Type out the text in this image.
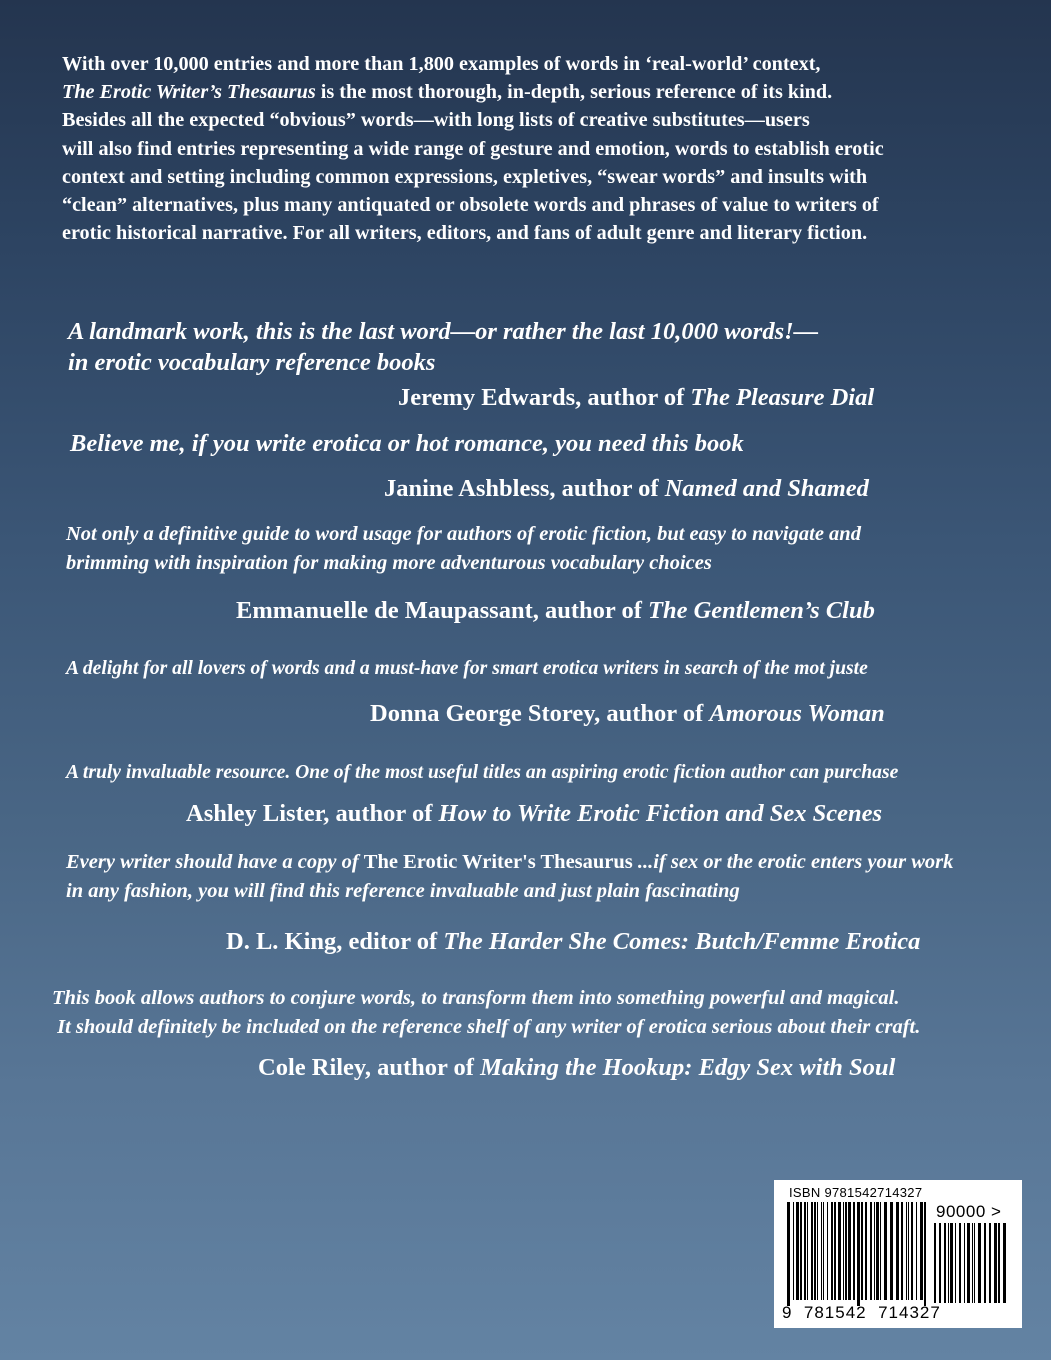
With over 10,000 entries and more than 1,800 examples of words in ‘real-world’ context,
The Erotic Writer’s Thesaurus is the most thorough, in-depth, serious reference of its kind.
Besides all the expected “obvious” words—with long lists of creative substitutes—users
will also find entries representing a wide range of gesture and emotion, words to establish erotic
context and setting including common expressions, expletives, “swear words” and insults with
“clean” alternatives, plus many antiquated or obsolete words and phrases of value to writers of
erotic historical narrative. For all writers, editors, and fans of adult genre and literary fiction.
A landmark work, this is the last word—or rather the last 10,000 words!—
in erotic vocabulary reference books
Jeremy Edwards, author of The Pleasure Dial
Believe me, if you write erotica or hot romance, you need this book
Janine Ashbless, author of Named and Shamed
Not only a definitive guide to word usage for authors of erotic fiction, but easy to navigate and
brimming with inspiration for making more adventurous vocabulary choices
Emmanuelle de Maupassant, author of The Gentlemen’s Club
A delight for all lovers of words and a must-have for smart erotica writers in search of the mot juste
Donna George Storey, author of Amorous Woman
A truly invaluable resource. One of the most useful titles an aspiring erotic fiction author can purchase
Ashley Lister, author of How to Write Erotic Fiction and Sex Scenes
Every writer should have a copy of The Erotic Writer's Thesaurus ...if sex or the erotic enters your work
in any fashion, you will find this reference invaluable and just plain fascinating
D. L. King, editor of The Harder She Comes: Butch/Femme Erotica
This book allows authors to conjure words, to transform them into something powerful and magical.
It should definitely be included on the reference shelf of any writer of erotica serious about their craft.
Cole Riley, author of Making the Hookup: Edgy Sex with Soul
ISBN 9781542714327
90000 >
9  781542  714327
